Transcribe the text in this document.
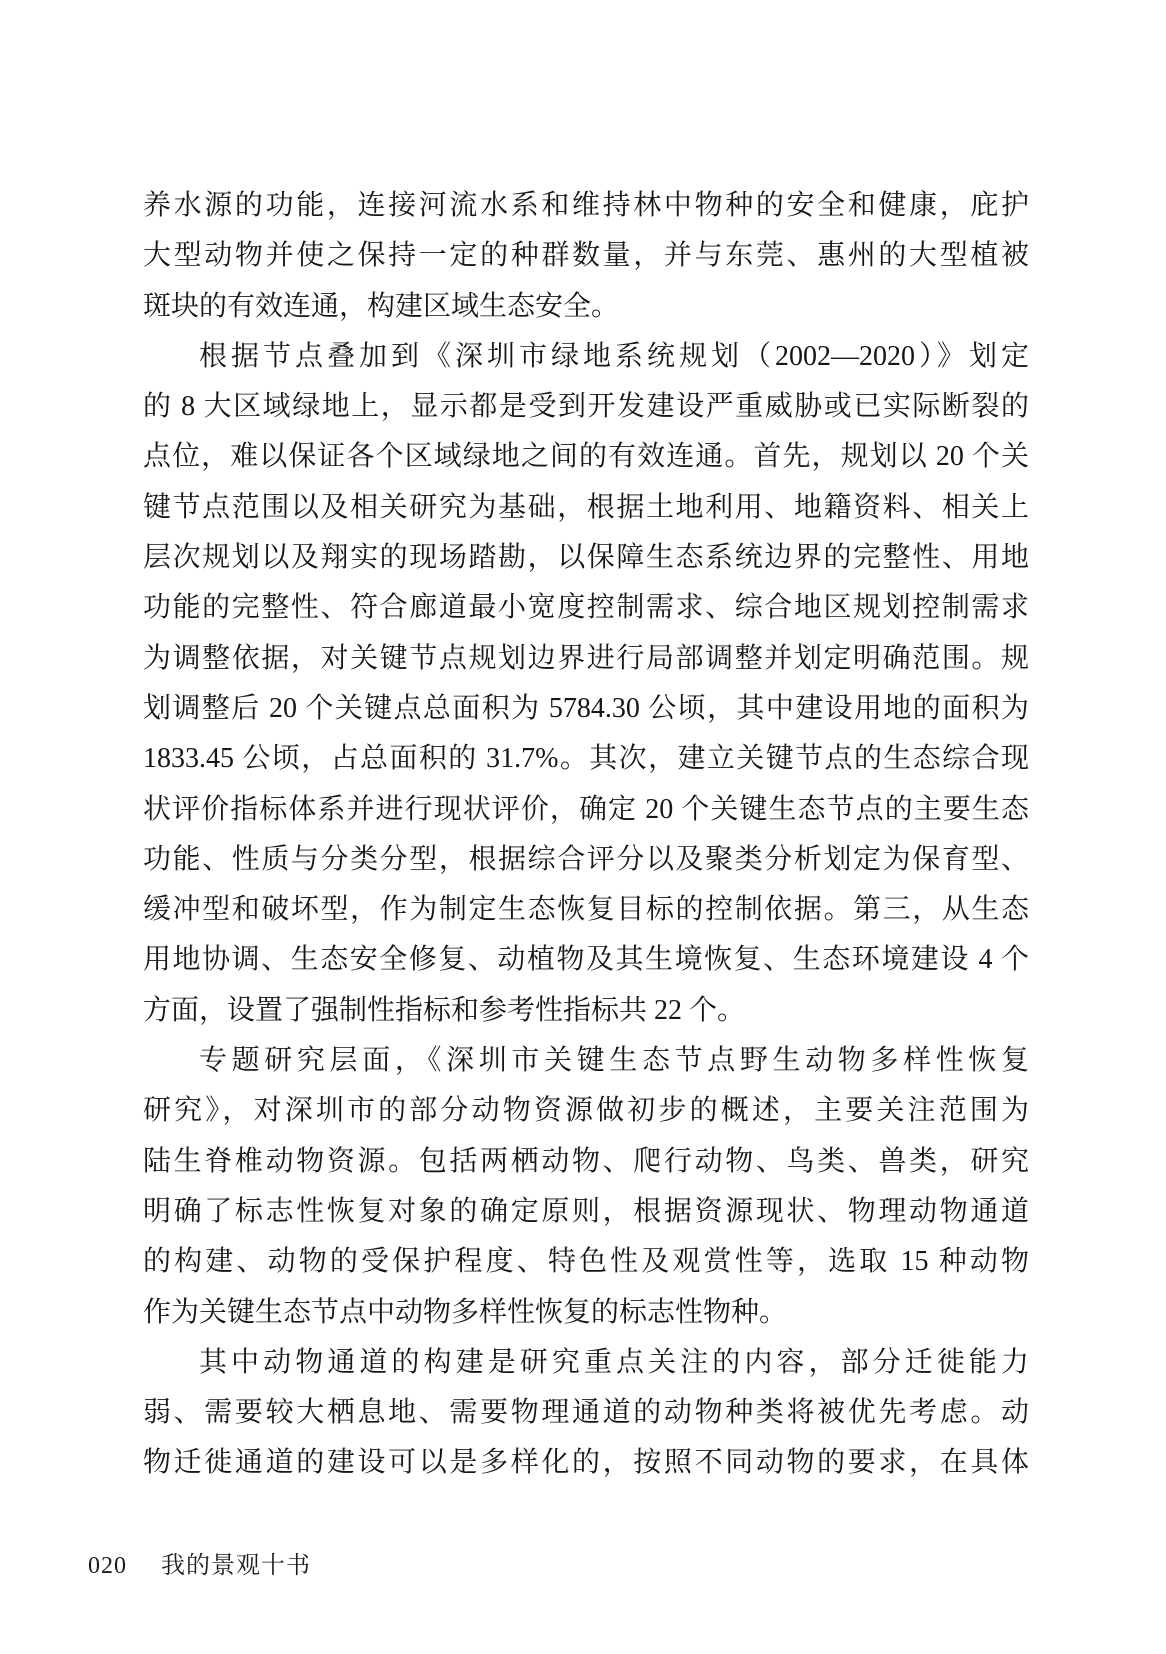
养水源的功能，连接河流水系和维持林中物种的安全和健康，庇护
大型动物并使之保持一定的种群数量，并与东莞、惠州的大型植被
斑块的有效连通，构建区域生态安全。
根据节点叠加到《深圳市绿地系统规划（2002—2020）》划定
的 8 大区域绿地上，显示都是受到开发建设严重威胁或已实际断裂的
点位，难以保证各个区域绿地之间的有效连通。首先，规划以 20 个关
键节点范围以及相关研究为基础，根据土地利用、地籍资料、相关上
层次规划以及翔实的现场踏勘，以保障生态系统边界的完整性、用地
功能的完整性、符合廊道最小宽度控制需求、综合地区规划控制需求
为调整依据，对关键节点规划边界进行局部调整并划定明确范围。规
划调整后 20 个关键点总面积为 5784.30 公顷，其中建设用地的面积为
1833.45 公顷，占总面积的 31.7%。其次，建立关键节点的生态综合现
状评价指标体系并进行现状评价，确定 20 个关键生态节点的主要生态
功能、性质与分类分型，根据综合评分以及聚类分析划定为保育型、
缓冲型和破坏型，作为制定生态恢复目标的控制依据。第三，从生态
用地协调、生态安全修复、动植物及其生境恢复、生态环境建设 4 个
方面，设置了强制性指标和参考性指标共 22 个。
专题研究层面，《深圳市关键生态节点野生动物多样性恢复
研究》，对深圳市的部分动物资源做初步的概述，主要关注范围为
陆生脊椎动物资源。包括两栖动物、爬行动物、鸟类、兽类，研究
明确了标志性恢复对象的确定原则，根据资源现状、物理动物通道
的构建、动物的受保护程度、特色性及观赏性等，选取 15 种动物
作为关键生态节点中动物多样性恢复的标志性物种。
其中动物通道的构建是研究重点关注的内容，部分迁徙能力
弱、需要较大栖息地、需要物理通道的动物种类将被优先考虑。动
物迁徙通道的建设可以是多样化的，按照不同动物的要求，在具体
020 我的景观十书
